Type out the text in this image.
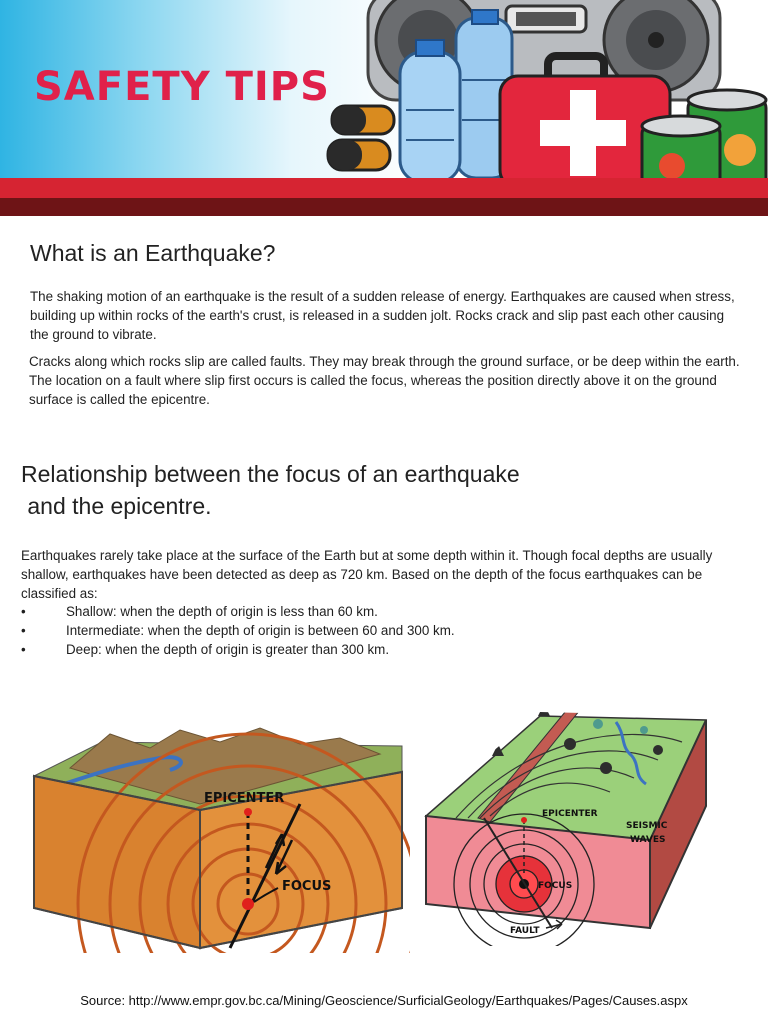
SAFETY TIPS
What is an Earthquake?

The shaking motion of an earthquake is the result of a sudden release of energy. Earthquakes are caused when stress, building up within rocks of the earth's crust, is released in a sudden jolt. Rocks crack and slip past each other causing the ground to vibrate.

Cracks along which rocks slip are called faults. They may break through the ground surface, or be deep within the earth. The location on a fault where slip first occurs is called the focus, whereas the position directly above it on the ground surface is called the epicentre.

Relationship between the focus of an earthquake
and the epicentre.

Earthquakes rarely take place at the surface of the Earth but at some depth within it. Though focal depths are usually shallow, earthquakes have been detected as deep as 720 km. Based on the depth of the focus earthquakes can be classified as:

•	Shallow: when the depth of origin is less than 60 km.
•	Intermediate: when the depth of origin is between 60 and 300 km.
•	Deep: when the depth of origin is greater than 300 km.
EPICENTER
FOCUS
EPICENTER
SEISMIC
WAVES
FOCUS
FAULT
Source: http://www.empr.gov.bc.ca/Mining/Geoscience/SurficialGeology/Earthquakes/Pages/Causes.aspx
